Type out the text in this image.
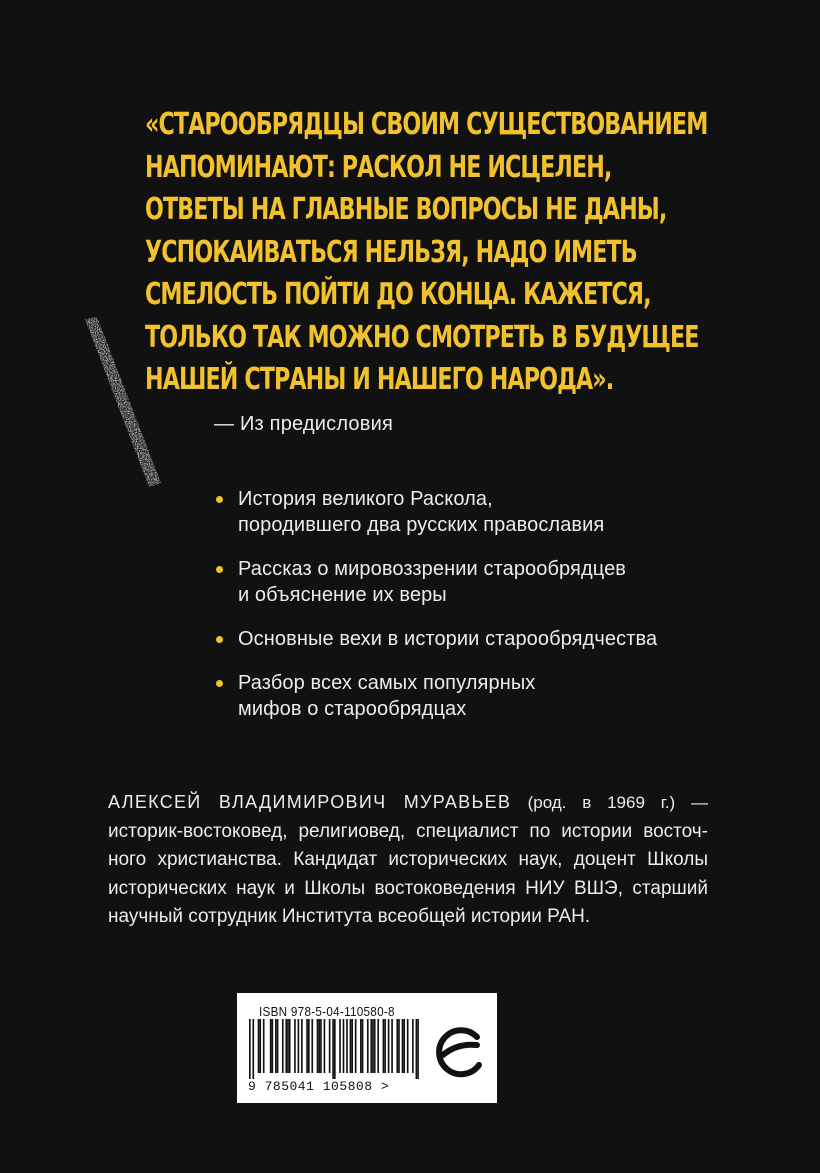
«СТАРООБРЯДЦЫ СВОИМ СУЩЕСТВОВАНИЕМ
НАПОМИНАЮТ: РАСКОЛ НЕ ИСЦЕЛЕН,
ОТВЕТЫ НА ГЛАВНЫЕ ВОПРОСЫ НЕ ДАНЫ,
УСПОКАИВАТЬСЯ НЕЛЬЗЯ, НАДО ИМЕТЬ
СМЕЛОСТЬ ПОЙТИ ДО КОНЦА. КАЖЕТСЯ,
ТОЛЬКО ТАК МОЖНО СМОТРЕТЬ В БУДУЩЕЕ
НАШЕЙ СТРАНЫ И НАШЕГО НАРОДА».
— Из предисловия
История великого Раскола,
породившего два русских православия
Рассказ о мировоззрении старообрядцев
и объяснение их веры
Основные вехи в истории старообрядчества
Разбор всех самых популярных
мифов о старообрядцах
АЛЕКСЕЙ ВЛАДИМИРОВИЧ МУРАВЬЕВ (род. в 1969 г.) —
историк-востоковед, религиовед, специалист по истории восточ-
ного христианства. Кандидат исторических наук, доцент Школы
исторических наук и Школы востоковедения НИУ ВШЭ, старший
научный сотрудник Института всеобщей истории РАН.
ISBN 978-5-04-110580-8
9 785041 105808 >
